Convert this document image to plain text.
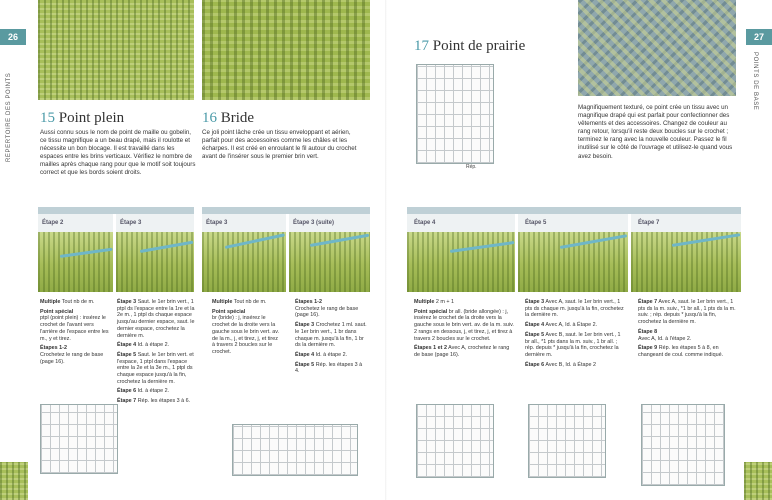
26
RÉPERTOIRE DES POINTS 15 Point plein
Aussi connu sous le nom de point de maille ou gobelin, ce tissu magnifique a un beau drapé, mais il roulotte et nécessite un bon blocage. Il est travaillé dans les espaces entre les brins verticaux. Vérifiez le nombre de mailles après chaque rang pour que le motif soit toujours correct et que les bords soient droits.
16 Bride
Ce joli point lâche crée un tissu enveloppant et aérien, parfait pour des accessoires comme les châles et les écharpes. Il est créé en enroulant le fil autour du crochet avant de l'insérer sous le premier brin vert.
Étape 2	Étape 3	Étape 3	Étape 3 (suite)

Multiple Tout nb de m.

Point spécial
ptpl (point plein) : insérez le crochet de l'avant vers l'arrière de l'espace entre les m., y et tirez.

Étapes 1-2
Crochetez le rang de base (page 16).

Étape 3 Saut. le 1er brin vert., 1 ptpl ds l'espace entre la 1re et la 2e m., 1 ptpl ds chaque espace jusqu'au dernier espace, saut. le dernier espace, crochetez la dernière m.

Étape 4 Id. à étape 2.

Étape 5 Saut. le 1er brin vert. et l'espace, 1 ptpl dans l'espace entre la 2e et la 3e m., 1 ptpl ds chaque espace jusqu'à la fin, crochetez la dernière m.

Étape 6 Id. à étape 2.

Étape 7 Rép. les étapes 3 à 6.

Multiple Tout nb de m.

Point spécial
br (bride) : j, insérez le crochet de la droite vers la gauche sous le brin vert. av. de la m., j, et tirez, j, et tirez à travers 2 boucles sur le crochet.

Étapes 1-2
Crochetez le rang de base (page 16).

Étape 3 Crochetez 1 ml. saut. le 1er brin vert., 1 br dans chaque m. jusqu'à la fin, 1 br ds la dernière m.

Étape 4 Id. à étape 2.

Étape 5 Rép. les étapes 3 à 4.

27
POINTS DE BASE
17 Point de prairie
Rép.
Magnifiquement texturé, ce point crée un tissu avec un magnifique drapé qui est parfait pour confectionner des vêtements et des accessoires. Changez de couleur au rang retour, lorsqu'il reste deux boucles sur le crochet ; terminez le rang avec la nouvelle couleur. Passez le fil inutilisé sur le côté de l'ouvrage et utilisez-le quand vous avez besoin.
Étape 4	Étape 5	Étape 7

Multiple 2 m + 1

Point spécial br all. (bride allongée) : j, insérez le crochet de la droite vers la gauche sous le brin vert. av. de la m. suiv. 2 rangs en dessous, j, et tirez, j, et tirez à travers 2 boucles sur le crochet.

Étapes 1 et 2 Avec A, crochetez le rang de base (page 16).

Étape 3 Avec A, saut. le 1er brin vert., 1 pts ds chaque m. jusqu'à la fin, crochetez la dernière m.

Étape 4 Avec A, Id. à Étape 2.

Étape 5 Avec B, saut. le 1er brin vert., 1 br all., *1 pts dans la m. suiv., 1 br all. ; rép. depuis * jusqu'à la fin, crochetez la dernière m.

Étape 6 Avec B, Id. à Étape 2

Étape 7 Avec A, saut. le 1er brin vert., 1 pts ds la m. suiv., *1 br all., 1 pts ds la m. suiv. ; rép. depuis * jusqu'à la fin, crochetez la dernière m.

Étape 8
Avec A, Id. à l'étape 2.

Étape 9 Rép. les étapes 5 à 8, en changeant de coul. comme indiqué.
